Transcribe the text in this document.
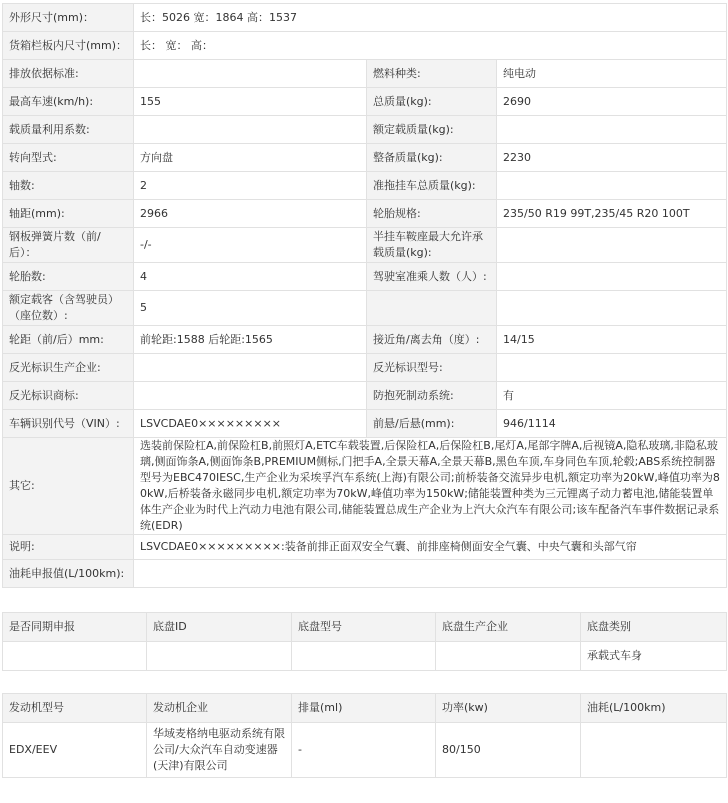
外形尺寸(mm)：	长：5026 宽：1864 高：1537		
货箱栏板内尺寸(mm)：	长： 宽： 高：		
排放依据标准:		燃料种类:	纯电动
最高车速(km/h):	155	总质量(kg):	2690
载质量利用系数:		额定载质量(kg):	
转向型式:	方向盘	整备质量(kg):	2230
轴数:	2	准拖挂车总质量(kg):	
轴距(mm):	2966	轮胎规格:	235/50 R19 99T,235/45 R20 100T
钢板弹簧片数（前/后）：	-/-	半挂车鞍座最大允许承载质量(kg):	
轮胎数:	4	驾驶室准乘人数（人）:	
额定载客（含驾驶员）（座位数）:	5		
轮距（前/后）mm:	前轮距:1588 后轮距:1565	接近角/离去角（度）:	14/15
反光标识生产企业:		反光标识型号:	
反光标识商标:		防抱死制动系统:	有
车辆识别代号（VIN）:	LSVCDAE0×××××××××	前悬/后悬(mm):	946/1114
其它:	选装前保险杠A,前保险杠B,前照灯A,ETC车载装置,后保险杠A,后保险杠B,尾灯A,尾部字牌A,后视镜A,隐私玻璃,非隐私玻璃,侧面饰条A,侧面饰条B,PREMIUM侧标,门把手A,全景天幕A,全景天幕B,黑色车顶,车身同色车顶,轮毂;ABS系统控制器型号为EBC470IESC,生产企业为采埃孚汽车系统(上海)有限公司;前桥装备交流异步电机,额定功率为20kW,峰值功率为80kW,后桥装备永磁同步电机,额定功率为70kW,峰值功率为150kW;储能装置种类为三元锂离子动力蓄电池,储能装置单体生产企业为时代上汽动力电池有限公司,储能装置总成生产企业为上汽大众汽车有限公司;该车配备汽车事件数据记录系统(EDR)		
说明:	LSVCDAE0×××××××××:装备前排正面双安全气囊、前排座椅侧面安全气囊、中央气囊和头部气帘		
油耗申报值(L/100km):			
是否同期申报	底盘ID	底盘型号	底盘生产企业	底盘类别
				承载式车身
发动机型号	发动机企业	排量(ml)	功率(kw)	油耗(L/100km)
EDX/EEV	华域麦格纳电驱动系统有限公司/大众汽车自动变速器(天津)有限公司	-	80/150	
